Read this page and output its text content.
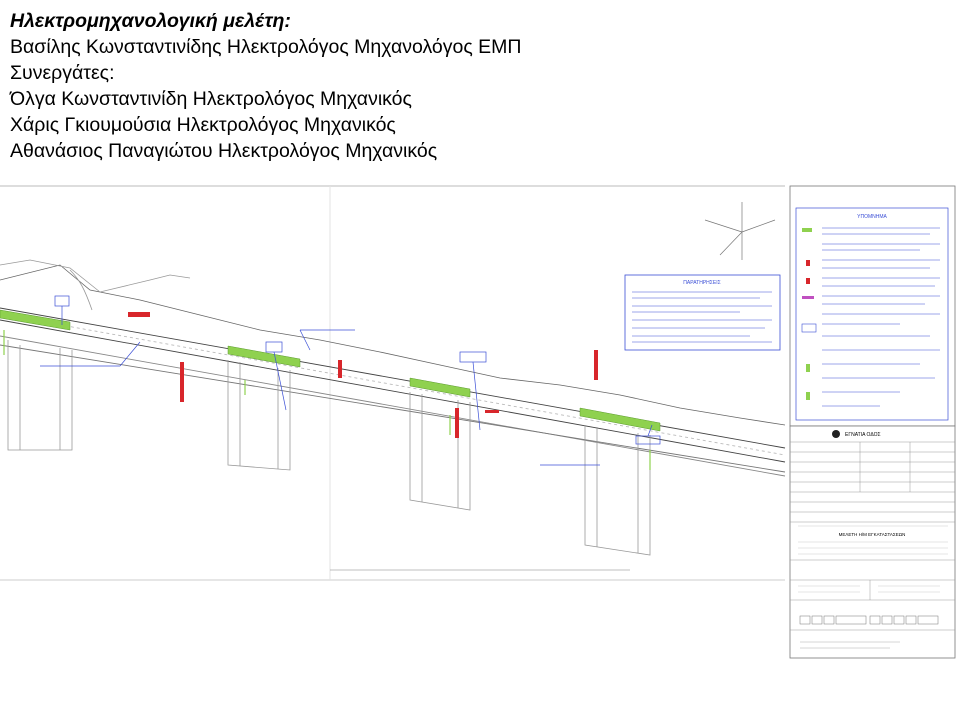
Ηλεκτρομηχανολογική μελέτη:
Βασίλης Κωνσταντινίδης Ηλεκτρολόγος Μηχανολόγος ΕΜΠ
Συνεργάτες:
Όλγα Κωνσταντινίδη Ηλεκτρολόγος Μηχανικός
Χάρις Γκιουμούσια Ηλεκτρολόγος Μηχανικός
Αθανάσιος Παναγιώτου Ηλεκτρολόγος Μηχανικός
ΠΑΡΑΤΗΡΗΣΕΙΣ
ΥΠΟΜΝΗΜΑ
ΕΓΝΑΤΙΑ ΟΔΟΣ
ΜΕΛΕΤΗ Η/Μ ΕΓΚΑΤΑΣΤΑΣΕΩΝ
